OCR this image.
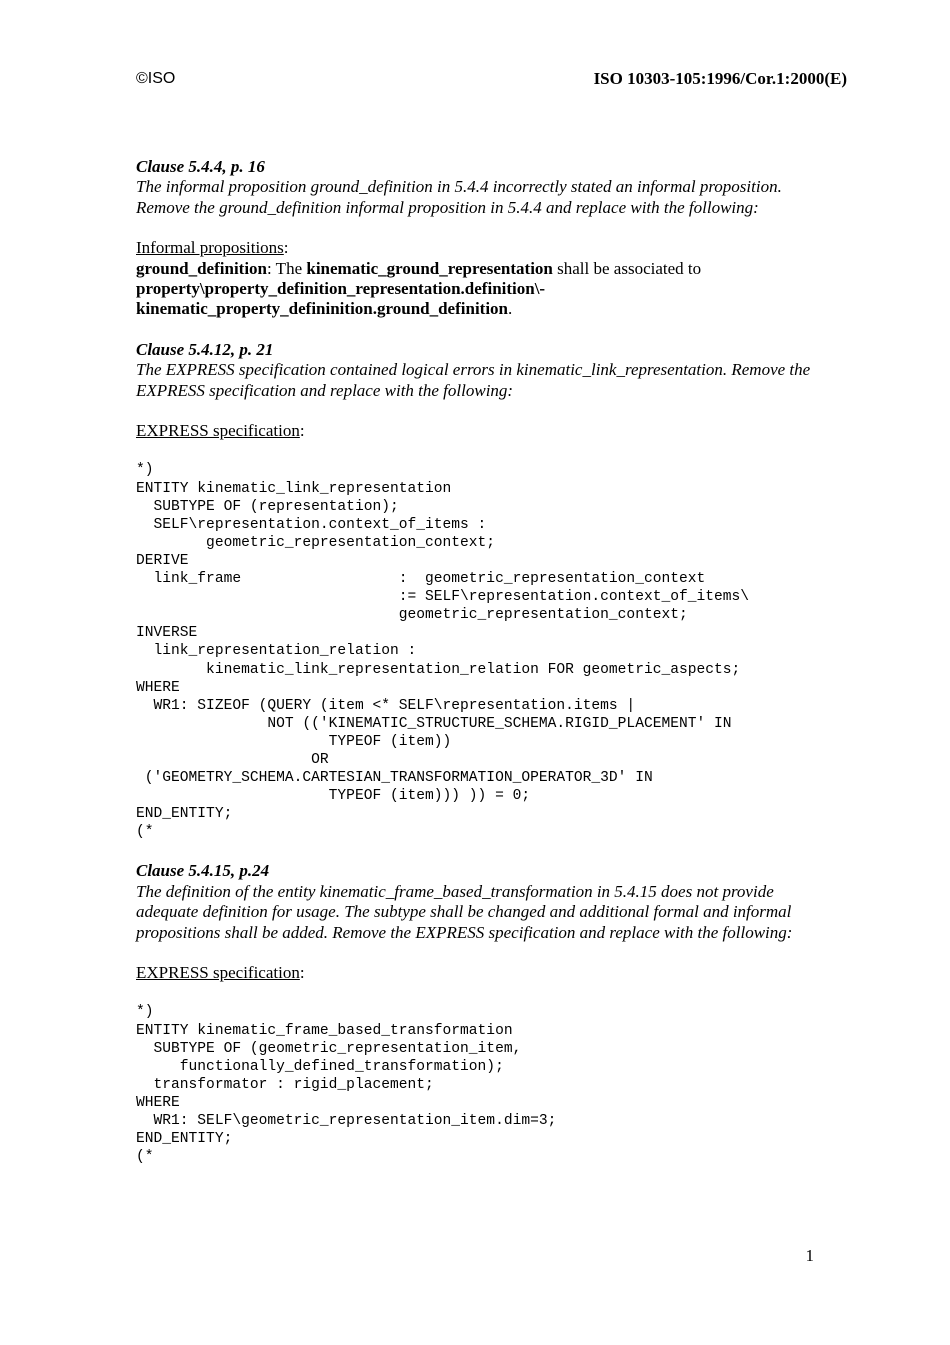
©ISO	ISO 10303-105:1996/Cor.1:2000(E)

Clause 5.4.4, p. 16

The informal proposition ground_definition in 5.4.4 incorrectly stated an informal proposition. Remove the ground_definition informal proposition in 5.4.4 and replace with the following:

Informal propositions:

ground_definition: The kinematic_ground_representation shall be associated to
property\property_definition_representation.definition\-
kinematic_property_defininition.ground_definition.

Clause 5.4.12, p. 21

The EXPRESS specification contained logical errors in kinematic_link_representation. Remove the EXPRESS specification and replace with the following:

EXPRESS specification:

*)
ENTITY kinematic_link_representation
SUBTYPE OF (representation);
SELF\representation.context_of_items :
geometric_representation_context;
DERIVE
link_frame                  :  geometric_representation_context
:= SELF\representation.context_of_items\
geometric_representation_context;
INVERSE
link_representation_relation :
kinematic_link_representation_relation FOR geometric_aspects;
WHERE
WR1: SIZEOF (QUERY (item <* SELF\representation.items |
NOT (('KINEMATIC_STRUCTURE_SCHEMA.RIGID_PLACEMENT' IN
TYPEOF (item))
OR
('GEOMETRY_SCHEMA.CARTESIAN_TRANSFORMATION_OPERATOR_3D' IN
TYPEOF (item))) )) = 0;
END_ENTITY;
(*

Clause 5.4.15, p.24

The definition of the entity kinematic_frame_based_transformation in 5.4.15 does not provide adequate definition for usage. The subtype shall be changed and additional formal and informal propositions shall be added. Remove the EXPRESS specification and replace with the following:

EXPRESS specification:

*)
ENTITY kinematic_frame_based_transformation
SUBTYPE OF (geometric_representation_item,
functionally_defined_transformation);
transformator : rigid_placement;
WHERE
WR1: SELF\geometric_representation_item.dim=3;
END_ENTITY;
(*
1
